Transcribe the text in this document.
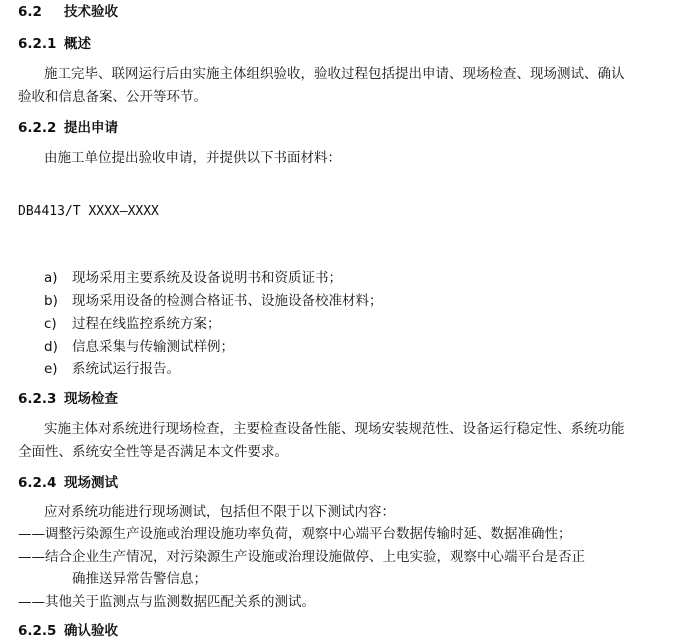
6.2 技术验收
6.2.1 概述
施工完毕、联网运行后由实施主体组织验收，验收过程包括提出申请、现场检查、现场测试、确认
验收和信息备案、公开等环节。
6.2.2 提出申请
由施工单位提出验收申请，并提供以下书面材料：
DB4413/T XXXX—XXXX
a) 现场采用主要系统及设备说明书和资质证书；
b) 现场采用设备的检测合格证书、设施设备校准材料；
c) 过程在线监控系统方案；
d) 信息采集与传输测试样例；
e) 系统试运行报告。
6.2.3 现场检查
实施主体对系统进行现场检查，主要检查设备性能、现场安装规范性、设备运行稳定性、系统功能
全面性、系统安全性等是否满足本文件要求。
6.2.4 现场测试
应对系统功能进行现场测试，包括但不限于以下测试内容：
——调整污染源生产设施或治理设施功率负荷，观察中心端平台数据传输时延、数据准确性；
——结合企业生产情况，对污染源生产设施或治理设施做停、上电实验，观察中心端平台是否正
确推送异常告警信息；
——其他关于监测点与监测数据匹配关系的测试。
6.2.5 确认验收
